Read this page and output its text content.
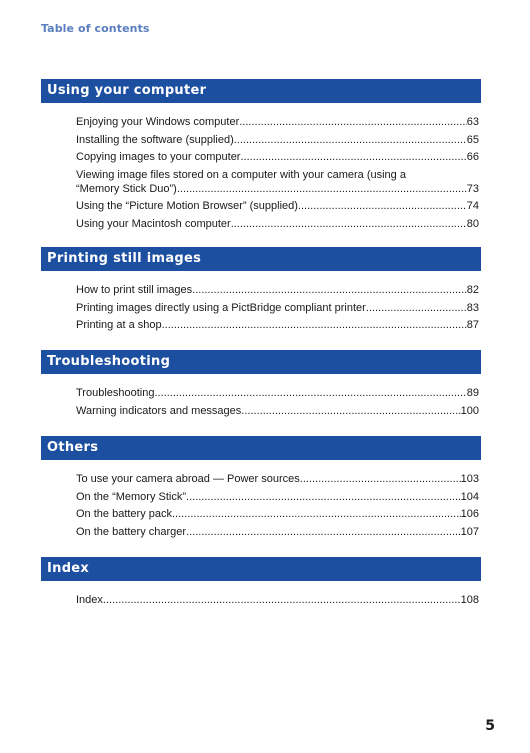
Table of contents
Using your computer
Enjoying your Windows computer .....	63
Installing the software (supplied) .....	65
Copying images to your computer .....	66
Viewing image files stored on a computer with your camera (using a
“Memory Stick Duo”) .....	73
Using the “Picture Motion Browser” (supplied) .....	74
Using your Macintosh computer .....	80
Printing still images
How to print still images .....	82
Printing images directly using a PictBridge compliant printer .....	83
Printing at a shop .....	87
Troubleshooting
Troubleshooting .....	89
Warning indicators and messages .....	100
Others
To use your camera abroad — Power sources .....	103
On the “Memory Stick” .....	104
On the battery pack .....	106
On the battery charger .....	107
Index
Index .....	108
5
